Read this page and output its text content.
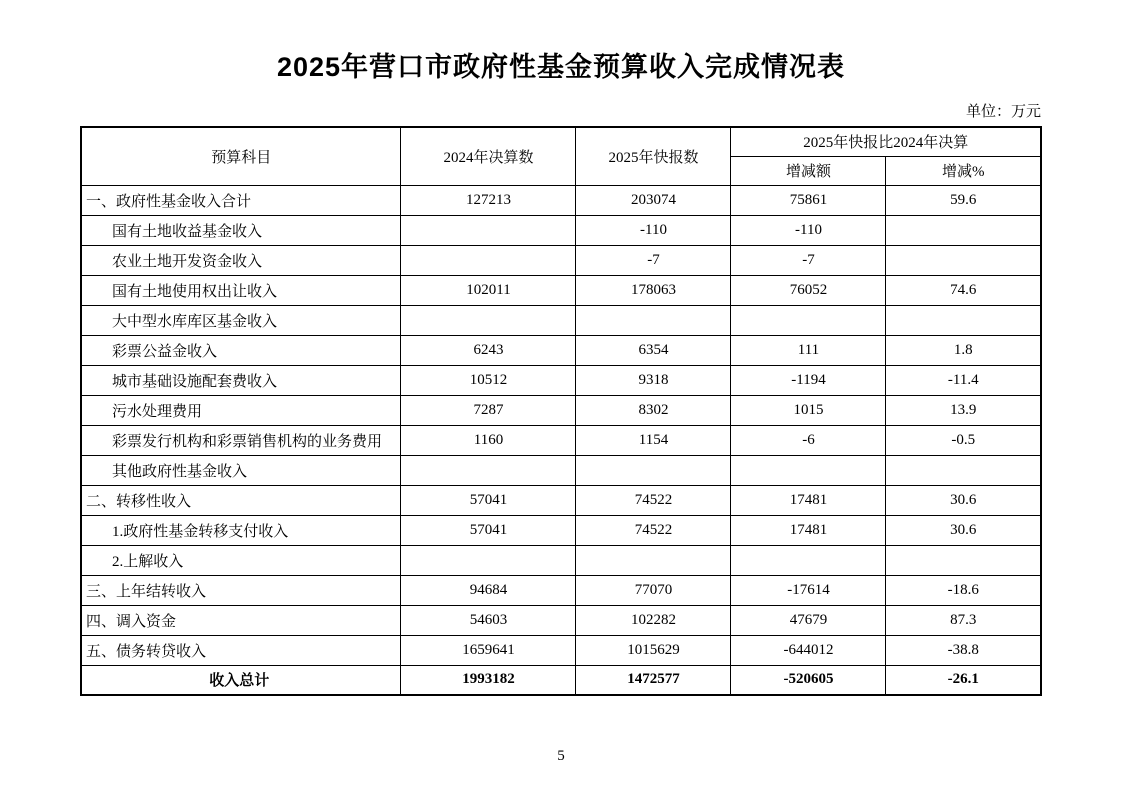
2025年营口市政府性基金预算收入完成情况表
单位：万元
预算科目	2024年决算数	2025年快报数	2025年快报比2024年决算	
			增减额	增减%
一、政府性基金收入合计	127213	203074	75861	59.6
国有土地收益基金收入		-110	-110	
农业土地开发资金收入		-7	-7	
国有土地使用权出让收入	102011	178063	76052	74.6
大中型水库库区基金收入				
彩票公益金收入	6243	6354	111	1.8
城市基础设施配套费收入	10512	9318	-1194	-11.4
污水处理费用	7287	8302	1015	13.9
彩票发行机构和彩票销售机构的业务费用	1160	1154	-6	-0.5
其他政府性基金收入				
二、转移性收入	57041	74522	17481	30.6
1.政府性基金转移支付收入	57041	74522	17481	30.6
2.上解收入				
三、上年结转收入	94684	77070	-17614	-18.6
四、调入资金	54603	102282	47679	87.3
五、债务转贷收入	1659641	1015629	-644012	-38.8
收入总计	1993182	1472577	-520605	-26.1
5
